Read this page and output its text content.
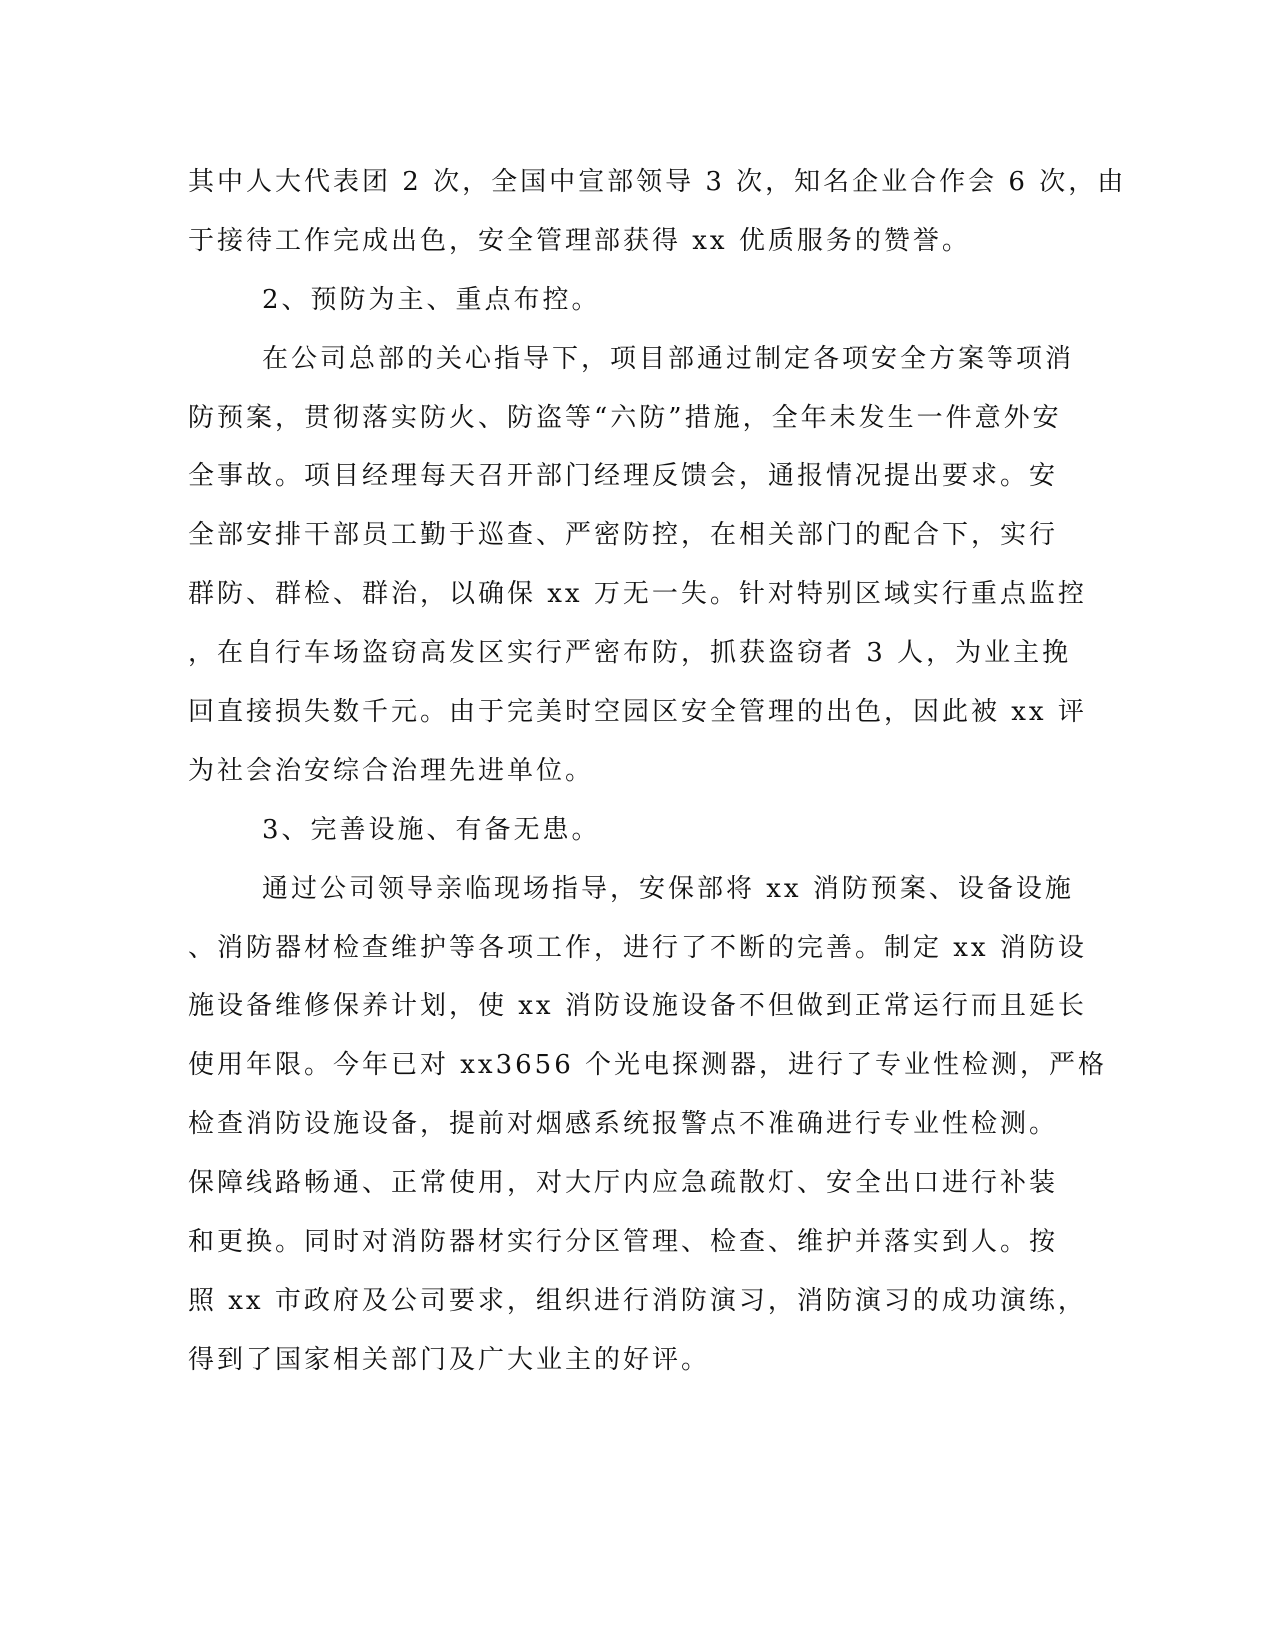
其中人大代表团 2 次，全国中宣部领导 3 次，知名企业合作会 6 次，由
于接待工作完成出色，安全管理部获得 xx 优质服务的赞誉。
2、预防为主、重点布控。
在公司总部的关心指导下，项目部通过制定各项安全方案等项消
防预案，贯彻落实防火、防盗等“六防”措施，全年未发生一件意外安
全事故。项目经理每天召开部门经理反馈会，通报情况提出要求。安
全部安排干部员工勤于巡查、严密防控，在相关部门的配合下，实行
群防、群检、群治，以确保 xx 万无一失。针对特别区域实行重点监控
，在自行车场盗窃高发区实行严密布防，抓获盗窃者 3 人，为业主挽
回直接损失数千元。由于完美时空园区安全管理的出色，因此被 xx 评
为社会治安综合治理先进单位。
3、完善设施、有备无患。
通过公司领导亲临现场指导，安保部将 xx 消防预案、设备设施
、消防器材检查维护等各项工作，进行了不断的完善。制定 xx 消防设
施设备维修保养计划，使 xx 消防设施设备不但做到正常运行而且延长
使用年限。今年已对 xx3656 个光电探测器，进行了专业性检测，严格
检查消防设施设备，提前对烟感系统报警点不准确进行专业性检测。
保障线路畅通、正常使用，对大厅内应急疏散灯、安全出口进行补装
和更换。同时对消防器材实行分区管理、检查、维护并落实到人。按
照 xx 市政府及公司要求，组织进行消防演习，消防演习的成功演练，
得到了国家相关部门及广大业主的好评。
